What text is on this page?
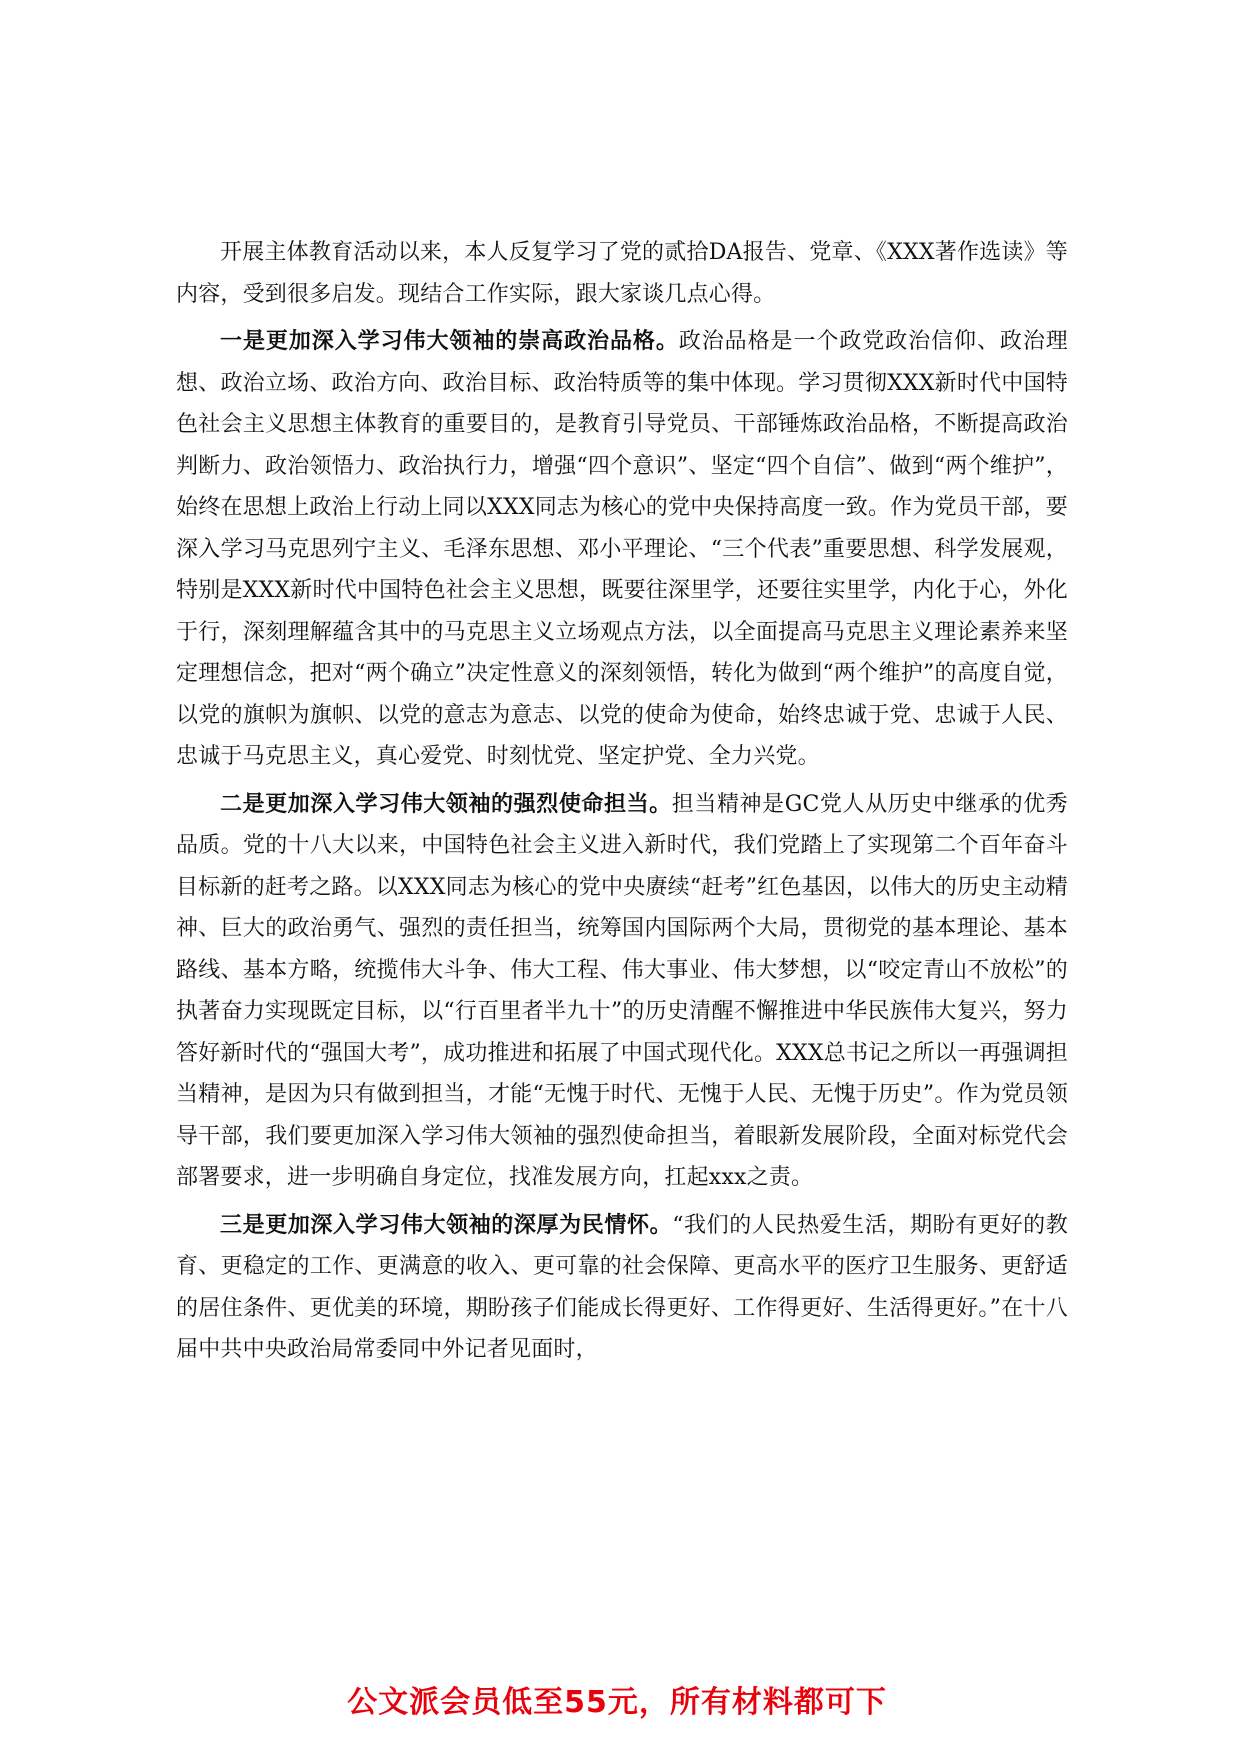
开展主体教育活动以来，本人反复学习了党的贰拾DA报告、党章、《XXX著作选读》等内容，受到很多启发。现结合工作实际，跟大家谈几点心得。

一是更加深入学习伟大领袖的崇高政治品格。政治品格是一个政党政治信仰、政治理想、政治立场、政治方向、政治目标、政治特质等的集中体现。学习贯彻XXX新时代中国特色社会主义思想主体教育的重要目的，是教育引导党员、干部锤炼政治品格，不断提高政治判断力、政治领悟力、政治执行力，增强“四个意识”、坚定“四个自信”、做到“两个维护”，始终在思想上政治上行动上同以XXX同志为核心的党中央保持高度一致。作为党员干部，要深入学习马克思列宁主义、毛泽东思想、邓小平理论、“三个代表”重要思想、科学发展观，特别是XXX新时代中国特色社会主义思想，既要往深里学，还要往实里学，内化于心，外化于行，深刻理解蕴含其中的马克思主义立场观点方法，以全面提高马克思主义理论素养来坚定理想信念，把对“两个确立”决定性意义的深刻领悟，转化为做到“两个维护”的高度自觉，以党的旗帜为旗帜、以党的意志为意志、以党的使命为使命，始终忠诚于党、忠诚于人民、忠诚于马克思主义，真心爱党、时刻忧党、坚定护党、全力兴党。

二是更加深入学习伟大领袖的强烈使命担当。担当精神是GC党人从历史中继承的优秀品质。党的十八大以来，中国特色社会主义进入新时代，我们党踏上了实现第二个百年奋斗目标新的赶考之路。以XXX同志为核心的党中央赓续“赶考”红色基因，以伟大的历史主动精神、巨大的政治勇气、强烈的责任担当，统筹国内国际两个大局，贯彻党的基本理论、基本路线、基本方略，统揽伟大斗争、伟大工程、伟大事业、伟大梦想，以“咬定青山不放松”的执著奋力实现既定目标，以“行百里者半九十”的历史清醒不懈推进中华民族伟大复兴，努力答好新时代的“强国大考”，成功推进和拓展了中国式现代化。XXX总书记之所以一再强调担当精神，是因为只有做到担当，才能“无愧于时代、无愧于人民、无愧于历史”。作为党员领导干部，我们要更加深入学习伟大领袖的强烈使命担当，着眼新发展阶段，全面对标党代会部署要求，进一步明确自身定位，找准发展方向，扛起xxx之责。

三是更加深入学习伟大领袖的深厚为民情怀。“我们的人民热爱生活，期盼有更好的教育、更稳定的工作、更满意的收入、更可靠的社会保障、更高水平的医疗卫生服务、更舒适的居住条件、更优美的环境，期盼孩子们能成长得更好、工作得更好、生活得更好。”在十八届中共中央政治局常委同中外记者见面时，

公文派会员低至55元，所有材料都可下
